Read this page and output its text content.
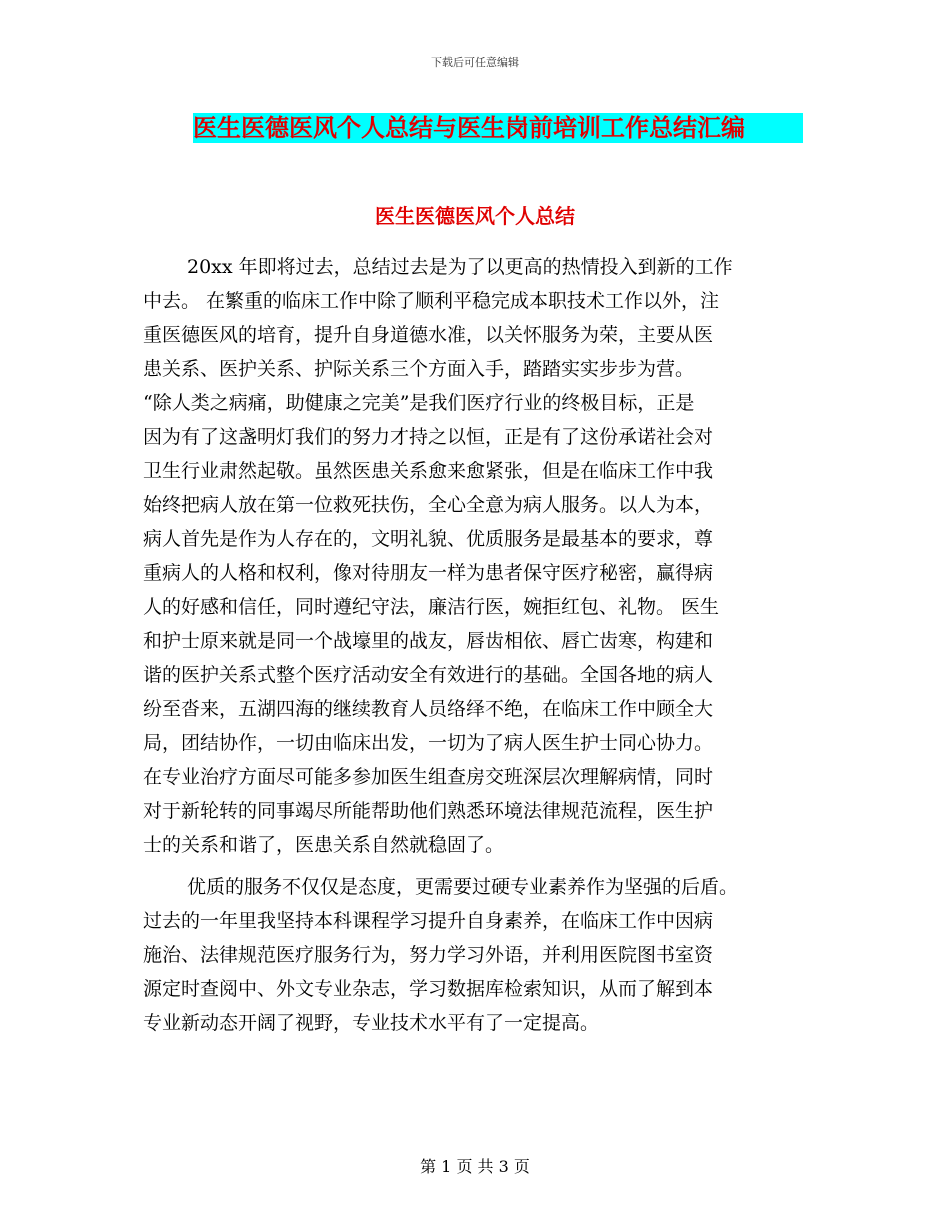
下载后可任意编辑
医生医德医风个人总结与医生岗前培训工作总结汇编
医生医德医风个人总结
20xx 年即将过去，总结过去是为了以更高的热情投入到新的工作
中去。 在繁重的临床工作中除了顺利平稳完成本职技术工作以外，注
重医德医风的培育，提升自身道德水准，以关怀服务为荣，主要从医
患关系、医护关系、护际关系三个方面入手，踏踏实实步步为营。
“除人类之病痛，助健康之完美”是我们医疗行业的终极目标，正是
因为有了这盏明灯我们的努力才持之以恒，正是有了这份承诺社会对
卫生行业肃然起敬。虽然医患关系愈来愈紧张，但是在临床工作中我
始终把病人放在第一位救死扶伤，全心全意为病人服务。以人为本，
病人首先是作为人存在的，文明礼貌、优质服务是最基本的要求，尊
重病人的人格和权利，像对待朋友一样为患者保守医疗秘密，赢得病
人的好感和信任，同时遵纪守法，廉洁行医，婉拒红包、礼物。 医生
和护士原来就是同一个战壕里的战友，唇齿相依、唇亡齿寒，构建和
谐的医护关系式整个医疗活动安全有效进行的基础。全国各地的病人
纷至沓来，五湖四海的继续教育人员络绎不绝，在临床工作中顾全大
局，团结协作，一切由临床出发，一切为了病人医生护士同心协力。
在专业治疗方面尽可能多参加医生组查房交班深层次理解病情，同时
对于新轮转的同事竭尽所能帮助他们熟悉环境法律规范流程，医生护
士的关系和谐了，医患关系自然就稳固了。
优质的服务不仅仅是态度，更需要过硬专业素养作为坚强的后盾。
过去的一年里我坚持本科课程学习提升自身素养，在临床工作中因病
施治、法律规范医疗服务行为，努力学习外语，并利用医院图书室资
源定时查阅中、外文专业杂志，学习数据库检索知识，从而了解到本
专业新动态开阔了视野，专业技术水平有了一定提高。
第 1 页 共 3 页
